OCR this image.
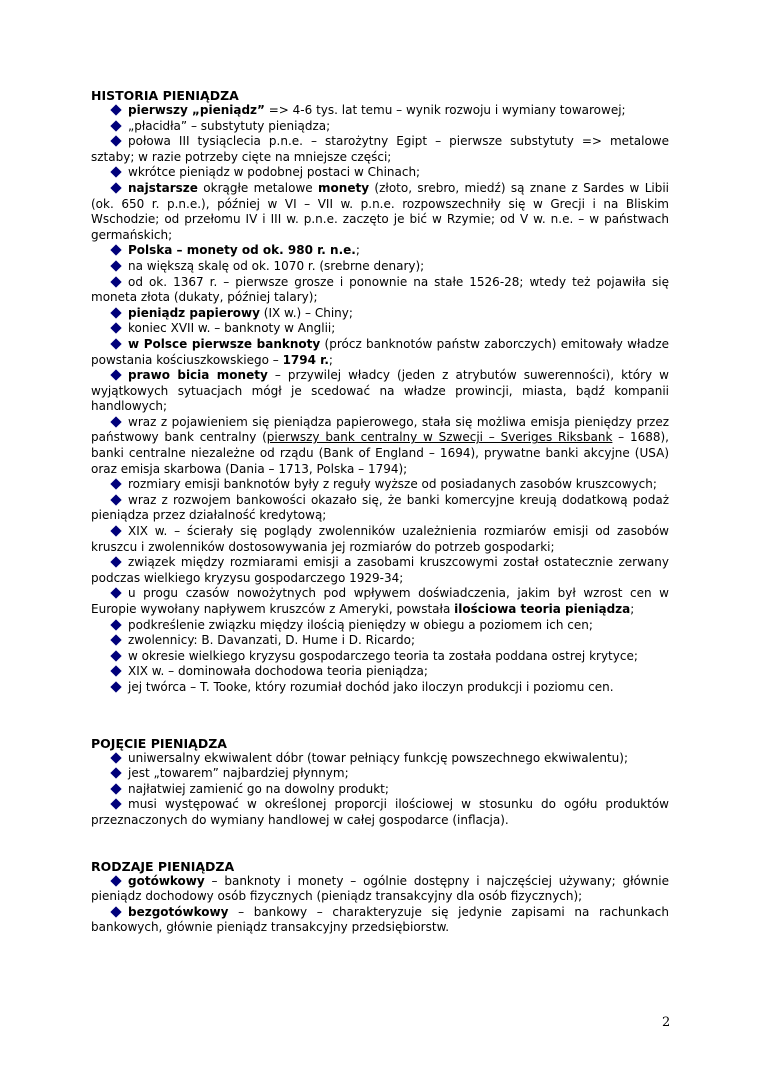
HISTORIA PIENIĄDZA
pierwszy „pieniądz” => 4-6 tys. lat temu – wynik rozwoju i wymiany towarowej;
„płacidła” – substytuty pieniądza;
połowa III tysiąclecia p.n.e. – starożytny Egipt – pierwsze substytuty => metalowe sztaby; w razie potrzeby cięte na mniejsze części;
wkrótce pieniądz w podobnej postaci w Chinach;
najstarsze okrągłe metalowe monety (złoto, srebro, miedź) są znane z Sardes w Libii (ok. 650 r. p.n.e.), później w VI – VII w. p.n.e. rozpowszechniły się w Grecji i na Bliskim Wschodzie; od przełomu IV i III w. p.n.e. zaczęto je bić w Rzymie; od V w. n.e. – w państwach germańskich;
Polska – monety od ok. 980 r. n.e.;
na większą skalę od ok. 1070 r. (srebrne denary);
od ok. 1367 r. – pierwsze grosze i ponownie na stałe 1526-28; wtedy też pojawiła się moneta złota (dukaty, później talary);
pieniądz papierowy (IX w.) – Chiny;
koniec XVII w. – banknoty w Anglii;
w Polsce pierwsze banknoty (prócz banknotów państw zaborczych) emitowały władze powstania kościuszkowskiego – 1794 r.;
prawo bicia monety – przywilej władcy (jeden z atrybutów suwerenności), który w wyjątkowych sytuacjach mógł je scedować na władze prowincji, miasta, bądź kompanii handlowych;
wraz z pojawieniem się pieniądza papierowego, stała się możliwa emisja pieniędzy przez państwowy bank centralny (pierwszy bank centralny w Szwecji – Sveriges Riksbank – 1688), banki centralne niezależne od rządu (Bank of England – 1694), prywatne banki akcyjne (USA) oraz emisja skarbowa (Dania – 1713, Polska – 1794);
rozmiary emisji banknotów były z reguły wyższe od posiadanych zasobów kruszcowych;
wraz z rozwojem bankowości okazało się, że banki komercyjne kreują dodatkową podaż pieniądza przez działalność kredytową;
XIX w. – ścierały się poglądy zwolenników uzależnienia rozmiarów emisji od zasobów kruszcu i zwolenników dostosowywania jej rozmiarów do potrzeb gospodarki;
związek między rozmiarami emisji a zasobami kruszcowymi został ostatecznie zerwany podczas wielkiego kryzysu gospodarczego 1929-34;
u progu czasów nowożytnych pod wpływem doświadczenia, jakim był wzrost cen w Europie wywołany napływem kruszców z Ameryki, powstała ilościowa teoria pieniądza;
podkreślenie związku między ilością pieniędzy w obiegu a poziomem ich cen;
zwolennicy: B. Davanzati, D. Hume i D. Ricardo;
w okresie wielkiego kryzysu gospodarczego teoria ta została poddana ostrej krytyce;
XIX w. – dominowała dochodowa teoria pieniądza;
jej twórca – T. Tooke, który rozumiał dochód jako iloczyn produkcji i poziomu cen.
POJĘCIE PIENIĄDZA
uniwersalny ekwiwalent dóbr (towar pełniący funkcję powszechnego ekwiwalentu);
jest „towarem” najbardziej płynnym;
najłatwiej zamienić go na dowolny produkt;
musi występować w określonej proporcji ilościowej w stosunku do ogółu produktów przeznaczonych do wymiany handlowej w całej gospodarce (inflacja).
RODZAJE PIENIĄDZA
gotówkowy – banknoty i monety – ogólnie dostępny i najczęściej używany; głównie pieniądz dochodowy osób fizycznych (pieniądz transakcyjny dla osób fizycznych);
bezgotówkowy – bankowy – charakteryzuje się jedynie zapisami na rachunkach bankowych, głównie pieniądz transakcyjny przedsiębiorstw.
2
